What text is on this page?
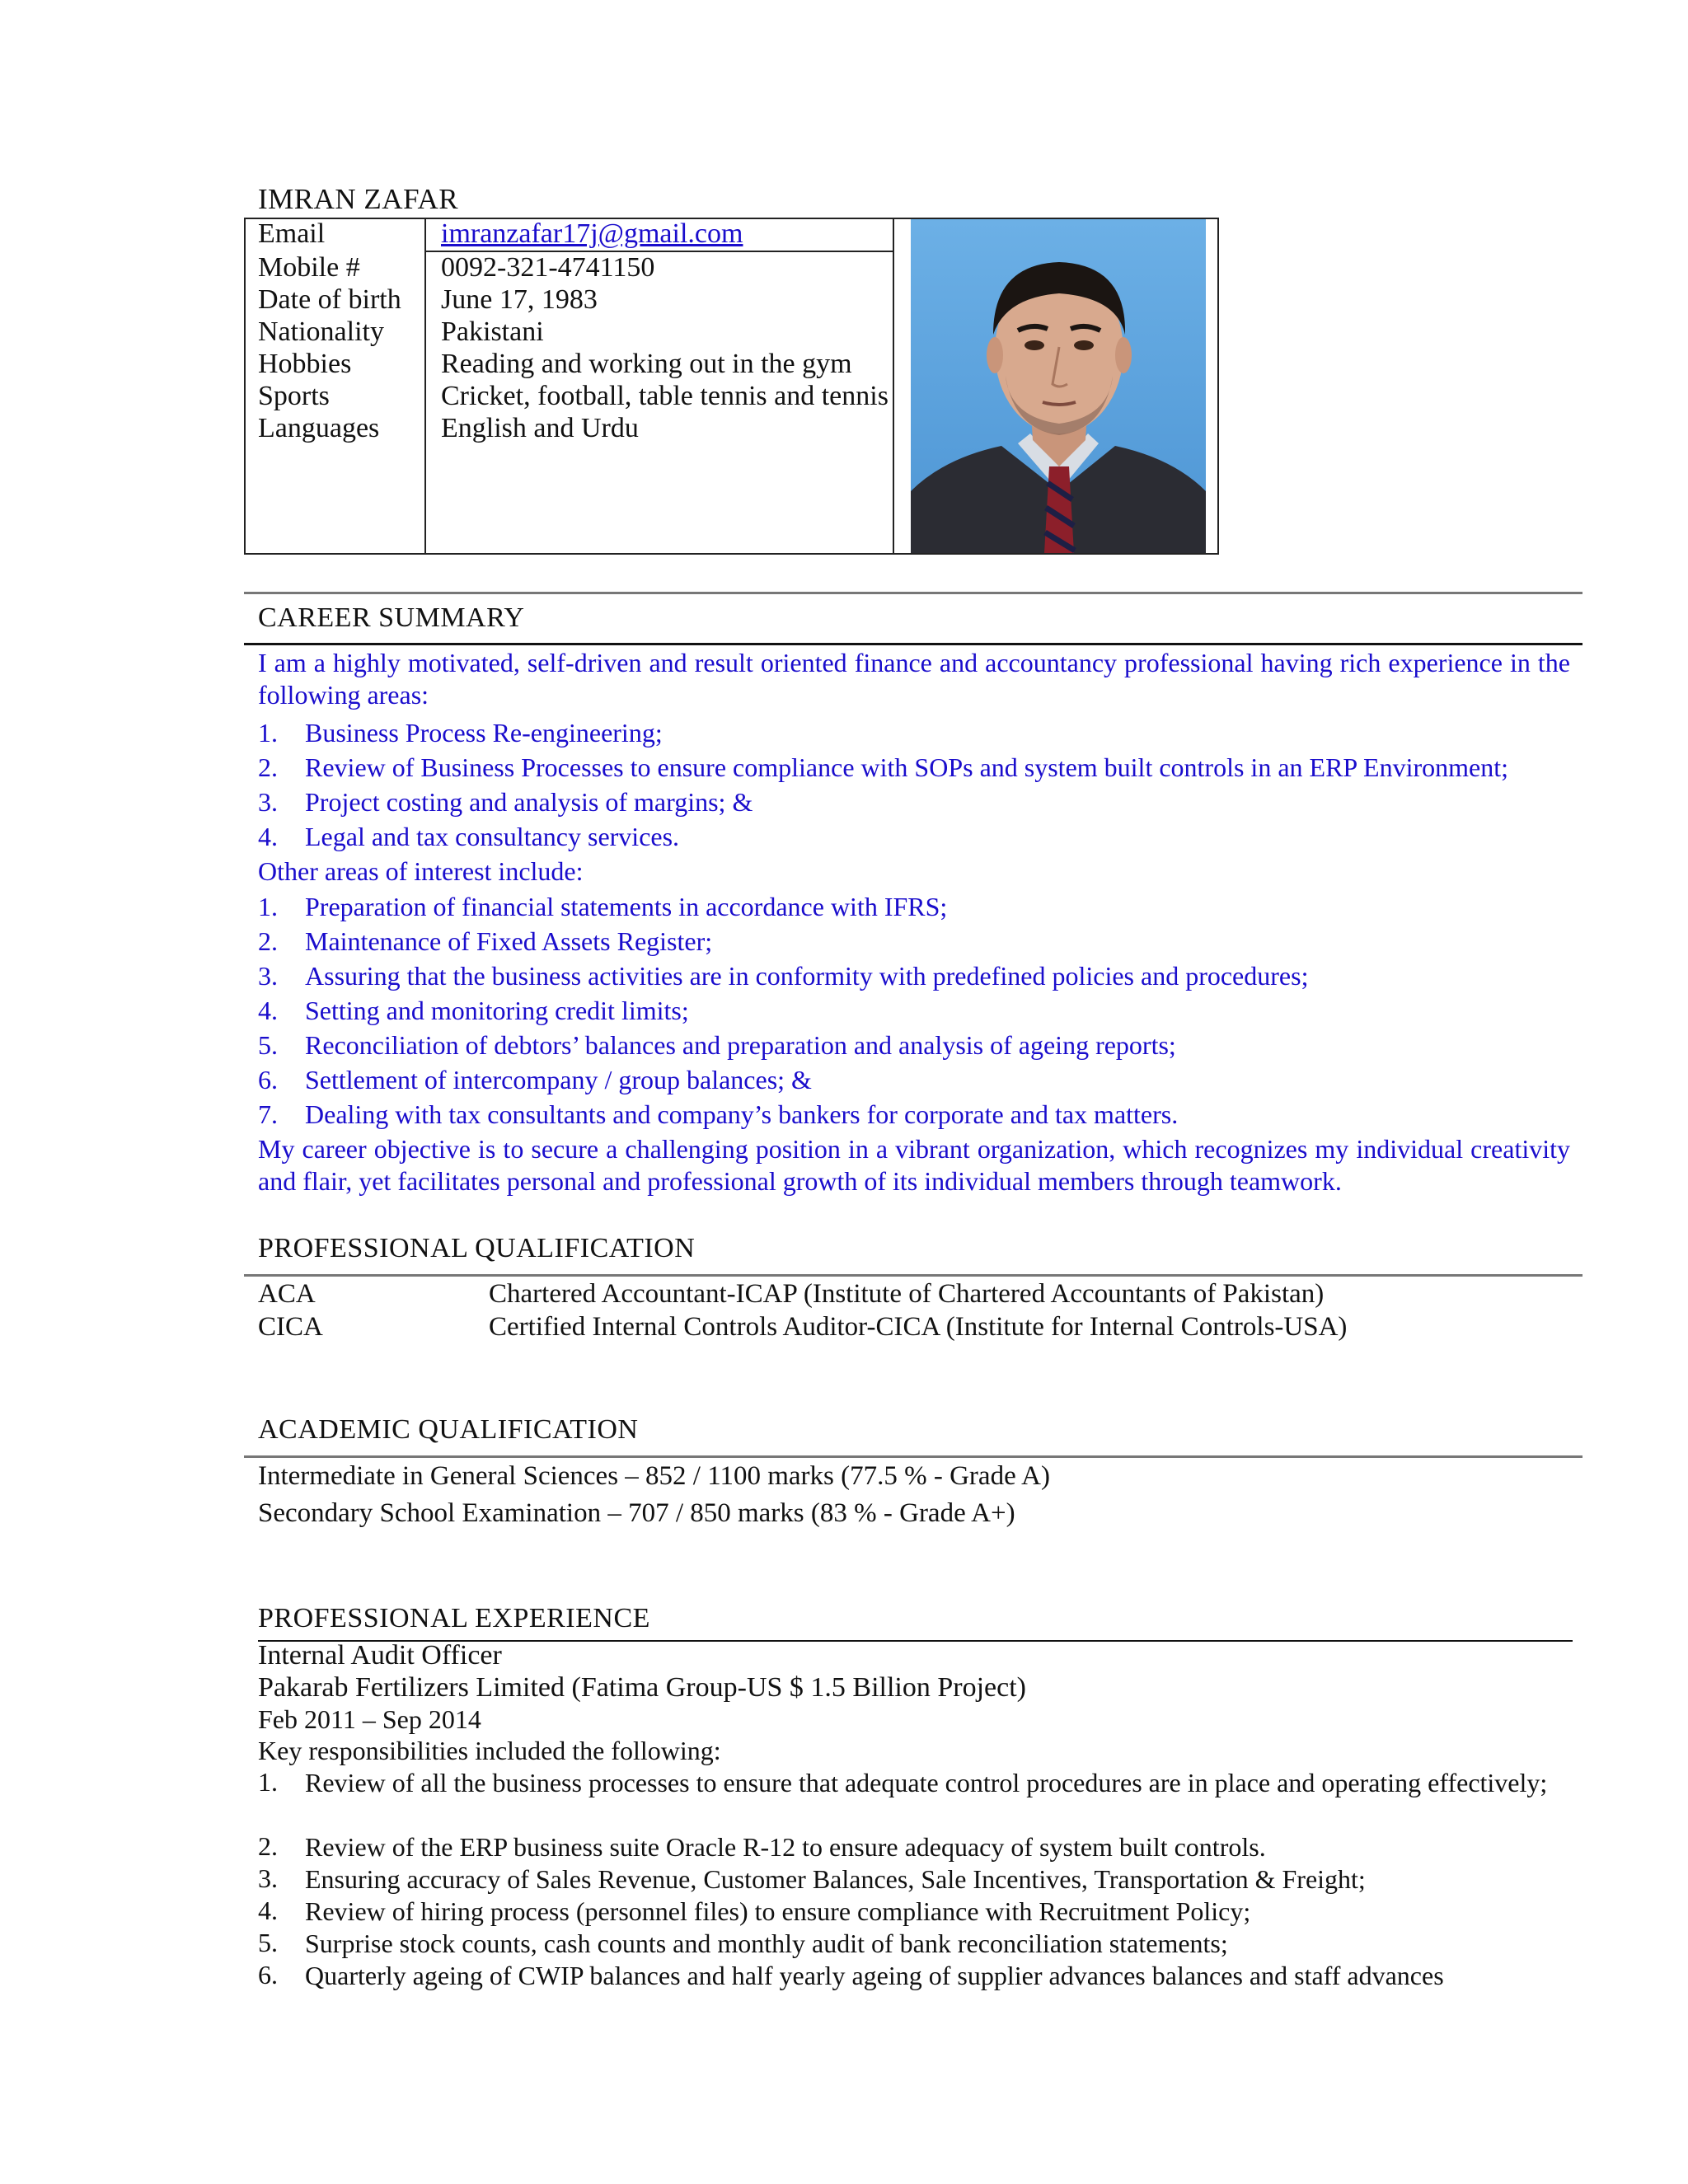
IMRAN ZAFAR
Email	imranzafar17j@gmail.com
Mobile #	0092-321-4741150
Date of birth June 17, 1983
Nationality Pakistani
Hobbies	Reading and working out in the gym
Sports	Cricket, football, table tennis and tennis
Languages English and Urdu
CAREER SUMMARY
I am a highly motivated, self-driven and result oriented finance and accountancy professional having rich experience in the following areas:
1. Business Process Re-engineering;
2. Review of Business Processes to ensure compliance with SOPs and system built controls in an ERP Environment;
3. Project costing and analysis of margins; &
4. Legal and tax consultancy services.
Other areas of interest include:
1. Preparation of financial statements in accordance with IFRS;
2. Maintenance of Fixed Assets Register;
3. Assuring that the business activities are in conformity with predefined policies and procedures;
4. Setting and monitoring credit limits;
5. Reconciliation of debtors’ balances and preparation and analysis of ageing reports;
6. Settlement of intercompany / group balances; &
7. Dealing with tax consultants and company’s bankers for corporate and tax matters.
My career objective is to secure a challenging position in a vibrant organization, which recognizes my individual creativity and flair, yet facilitates personal and professional growth of its individual members through teamwork.
PROFESSIONAL QUALIFICATION
ACA	Chartered Accountant-ICAP (Institute of Chartered Accountants of Pakistan)
CICA	Certified Internal Controls Auditor-CICA (Institute for Internal Controls-USA)
ACADEMIC QUALIFICATION
Intermediate in General Sciences – 852 / 1100 marks (77.5 % - Grade A)
Secondary School Examination – 707 / 850 marks (83 % - Grade A+)
PROFESSIONAL EXPERIENCE
Internal Audit Officer
Pakarab Fertilizers Limited (Fatima Group-US $ 1.5 Billion Project)
Feb 2011 – Sep 2014
Key responsibilities included the following:
1. Review of all the business processes to ensure that adequate control procedures are in place and operating effectively;
2. Review of the ERP business suite Oracle R-12 to ensure adequacy of system built controls.
3. Ensuring accuracy of Sales Revenue, Customer Balances, Sale Incentives, Transportation & Freight;
4. Review of hiring process (personnel files) to ensure compliance with Recruitment Policy;
5. Surprise stock counts, cash counts and monthly audit of bank reconciliation statements;
6. Quarterly ageing of CWIP balances and half yearly ageing of supplier advances balances and staff advances
